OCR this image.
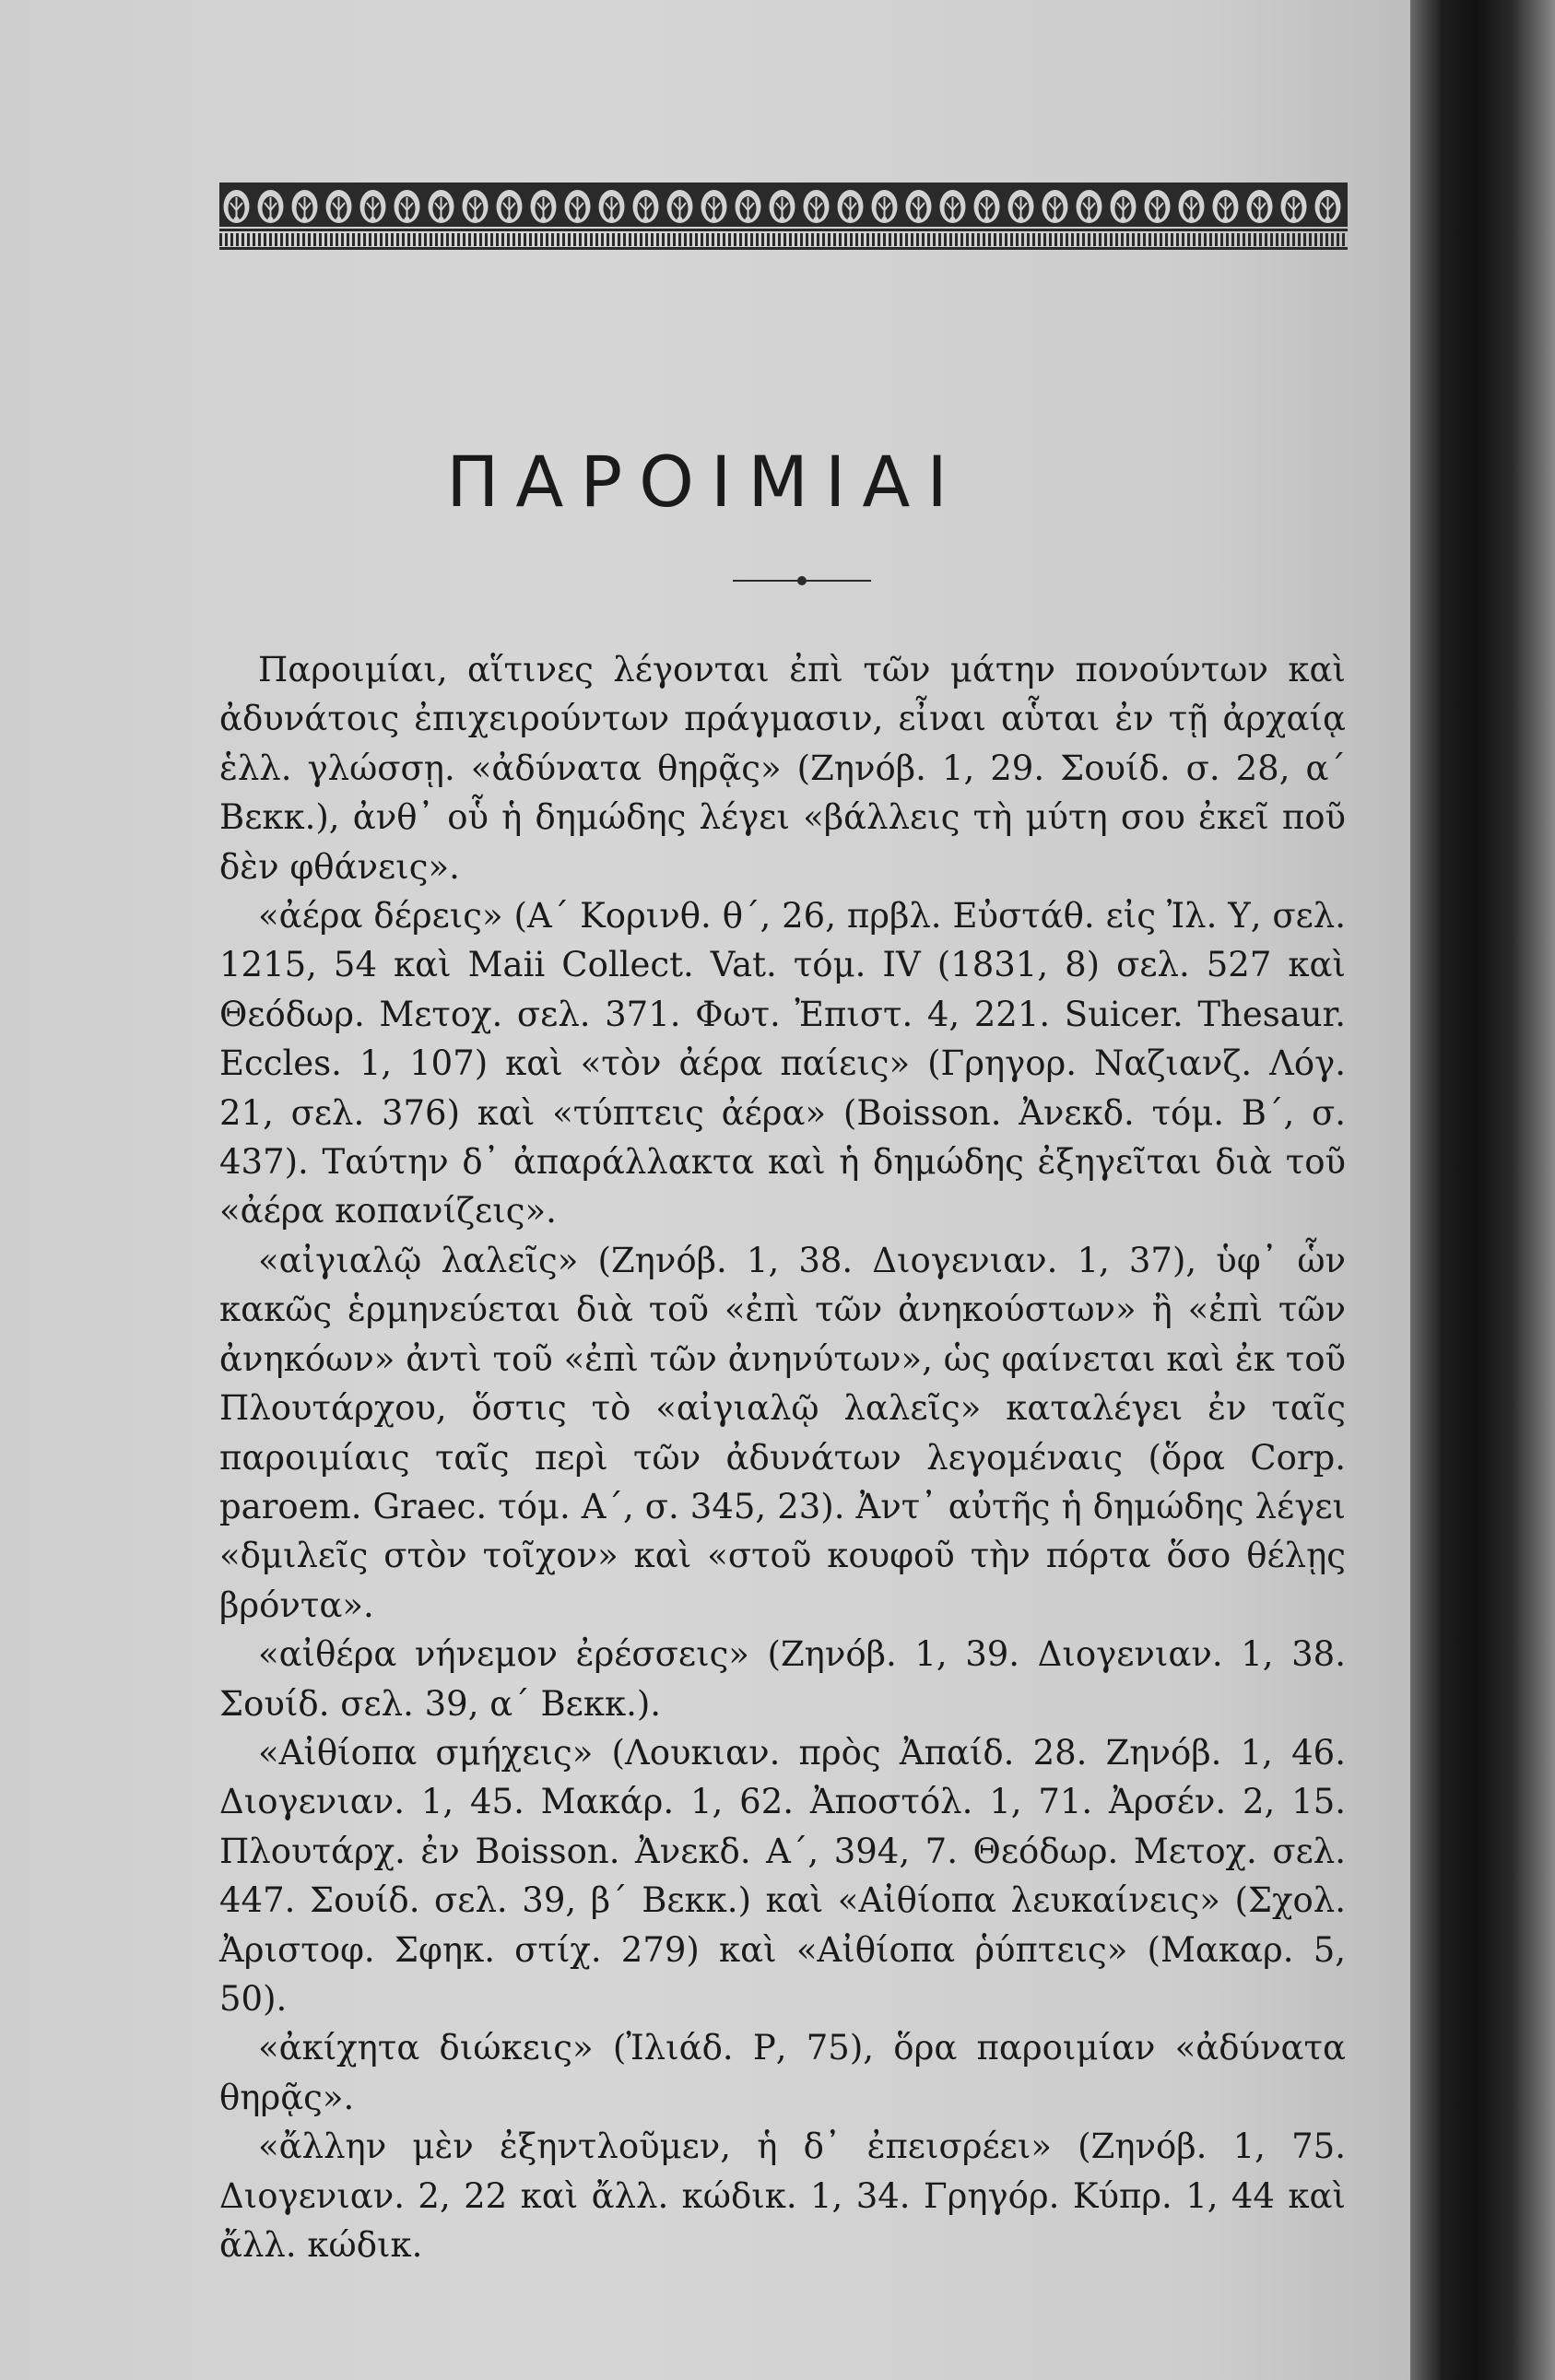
ΠΑΡΟΙΜΙΑΙ

Παροιμίαι, αἵτινες λέγονται ἐπὶ τῶν μάτην πονούντων καὶ ἀδυνάτοις ἐπιχειρούντων πράγμασιν, εἶναι αὗται ἐν τῇ ἀρχαίᾳ ἑλλ. γλώσσῃ. «ἀδύνατα θηρᾷς» (Ζηνόβ. 1, 29. Σουίδ. σ. 28, α΄ Βεκκ.), ἀνθ᾽ οὗ ἡ δημώδης λέγει «βάλλεις τὴ μύτη σου ἐκεῖ ποῦ δὲν φθάνεις».

«ἀέρα δέρεις» (Α΄ Κορινθ. θ΄, 26, πρβλ. Εὐστάθ. εἰς Ἰλ. Υ, σελ. 1215, 54 καὶ Maii Collect. Vat. τόμ. IV (1831, 8) σελ. 527 καὶ Θεόδωρ. Μετοχ. σελ. 371. Φωτ. Ἐπιστ. 4, 221. Suicer. Thesaur. Eccles. 1, 107) καὶ «τὸν ἀέρα παίεις» (Γρηγορ. Ναζιανζ. Λόγ. 21, σελ. 376) καὶ «τύπτεις ἀέρα» (Boisson. Ἀνεκδ. τόμ. Β΄, σ. 437). Ταύτην δ᾽ ἀπαράλλακτα καὶ ἡ δημώδης ἐξηγεῖται διὰ τοῦ «ἀέρα κοπανίζεις».

«αἰγιαλῷ λαλεῖς» (Ζηνόβ. 1, 38. Διογενιαν. 1, 37), ὑφ᾽ ὧν κακῶς ἑρμηνεύεται διὰ τοῦ «ἐπὶ τῶν ἀνηκούστων» ἢ «ἐπὶ τῶν ἀνηκόων» ἀντὶ τοῦ «ἐπὶ τῶν ἀνηνύτων», ὡς φαίνεται καὶ ἐκ τοῦ Πλουτάρχου, ὅστις τὸ «αἰγιαλῷ λαλεῖς» καταλέγει ἐν ταῖς παροιμίαις ταῖς περὶ τῶν ἀδυνάτων λεγομέναις (ὅρα Corp. paroem. Graec. τόμ. Α΄, σ. 345, 23). Ἀντ᾽ αὐτῆς ἡ δημώδης λέγει «δμιλεῖς στὸν τοῖχον» καὶ «στοῦ κουφοῦ τὴν πόρτα ὅσο θέλῃς βρόντα».

«αἰθέρα νήνεμον ἐρέσσεις» (Ζηνόβ. 1, 39. Διογενιαν. 1, 38. Σουίδ. σελ. 39, α΄ Βεκκ.).

«Αἰθίοπα σμήχεις» (Λουκιαν. πρὸς Ἀπαίδ. 28. Ζηνόβ. 1, 46. Διογενιαν. 1, 45. Μακάρ. 1, 62. Ἀποστόλ. 1, 71. Ἀρσέν. 2, 15. Πλουτάρχ. ἐν Boisson. Ἀνεκδ. Α΄, 394, 7. Θεόδωρ. Μετοχ. σελ. 447. Σουίδ. σελ. 39, β΄ Βεκκ.) καὶ «Αἰθίοπα λευκαίνεις» (Σχολ. Ἀριστοφ. Σφηκ. στίχ. 279) καὶ «Αἰθίοπα ῥύπτεις» (Μακαρ. 5, 50).

«ἀκίχητα διώκεις» (Ἰλιάδ. Ρ, 75), ὅρα παροιμίαν «ἀδύνατα θηρᾷς».

«ἄλλην μὲν ἐξηντλοῦμεν, ἡ δ᾽ ἐπεισρέει» (Ζηνόβ. 1, 75. Διογενιαν. 2, 22 καὶ ἄλλ. κώδικ. 1, 34. Γρηγόρ. Κύπρ. 1, 44 καὶ ἄλλ. κώδικ.
